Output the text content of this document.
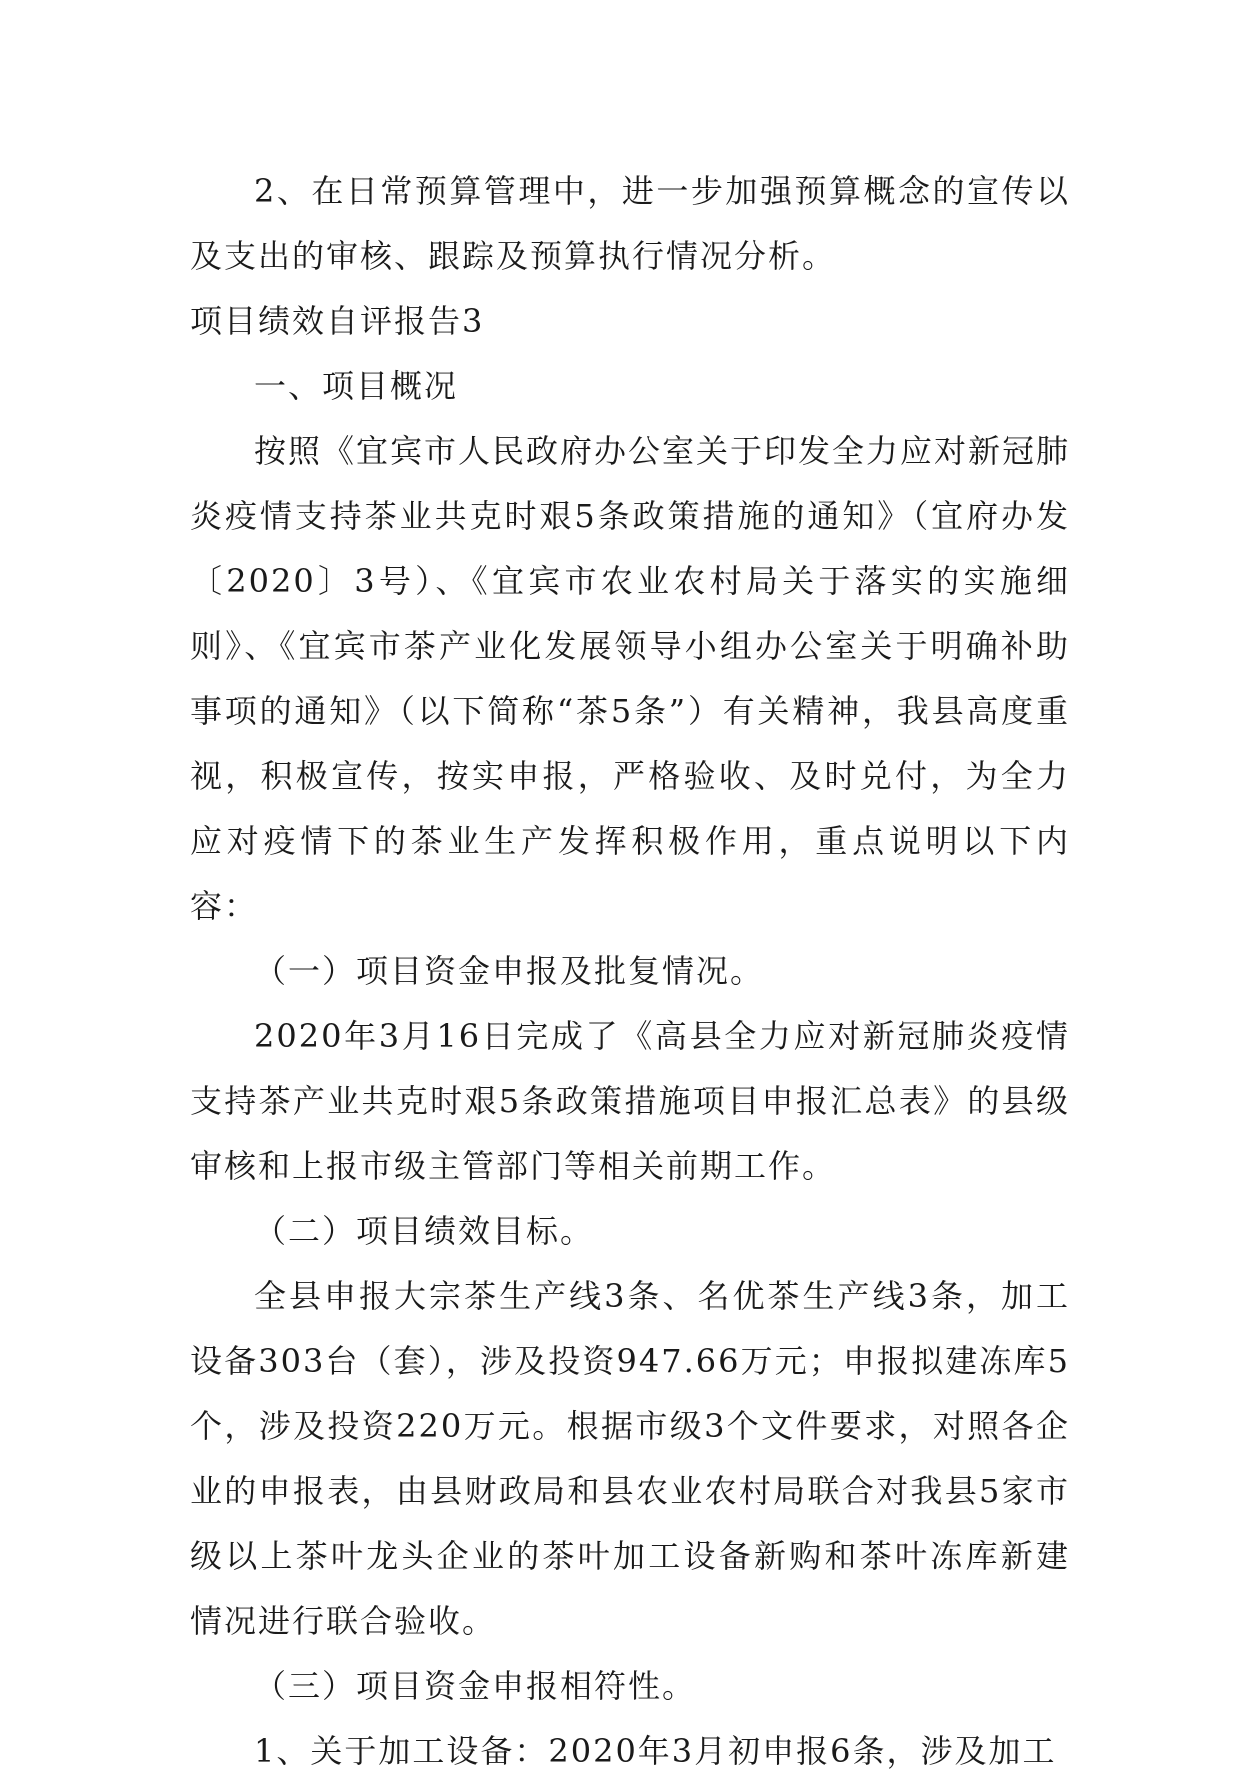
2、在日常预算管理中，进一步加强预算概念的宣传以及支出的审核、跟踪及预算执行情况分析。

项目绩效自评报告3

一、项目概况

按照《宜宾市人民政府办公室关于印发全力应对新冠肺炎疫情支持茶业共克时艰5条政策措施的通知》（宜府办发〔2020〕3号）、《宜宾市农业农村局关于落实的实施细则》、《宜宾市茶产业化发展领导小组办公室关于明确补助事项的通知》（以下简称“茶5条”）有关精神，我县高度重视，积极宣传，按实申报，严格验收、及时兑付，为全力应对疫情下的茶业生产发挥积极作用，重点说明以下内容：

（一）项目资金申报及批复情况。

2020年3月16日完成了《高县全力应对新冠肺炎疫情支持茶产业共克时艰5条政策措施项目申报汇总表》的县级审核和上报市级主管部门等相关前期工作。

（二）项目绩效目标。

全县申报大宗茶生产线3条、名优茶生产线3条，加工设备303台（套），涉及投资947.66万元；申报拟建冻库5个，涉及投资220万元。根据市级3个文件要求，对照各企业的申报表，由县财政局和县农业农村局联合对我县5家市级以上茶叶龙头企业的茶叶加工设备新购和茶叶冻库新建情况进行联合验收。

（三）项目资金申报相符性。

1、关于加工设备：2020年3月初申报6条，涉及加工
